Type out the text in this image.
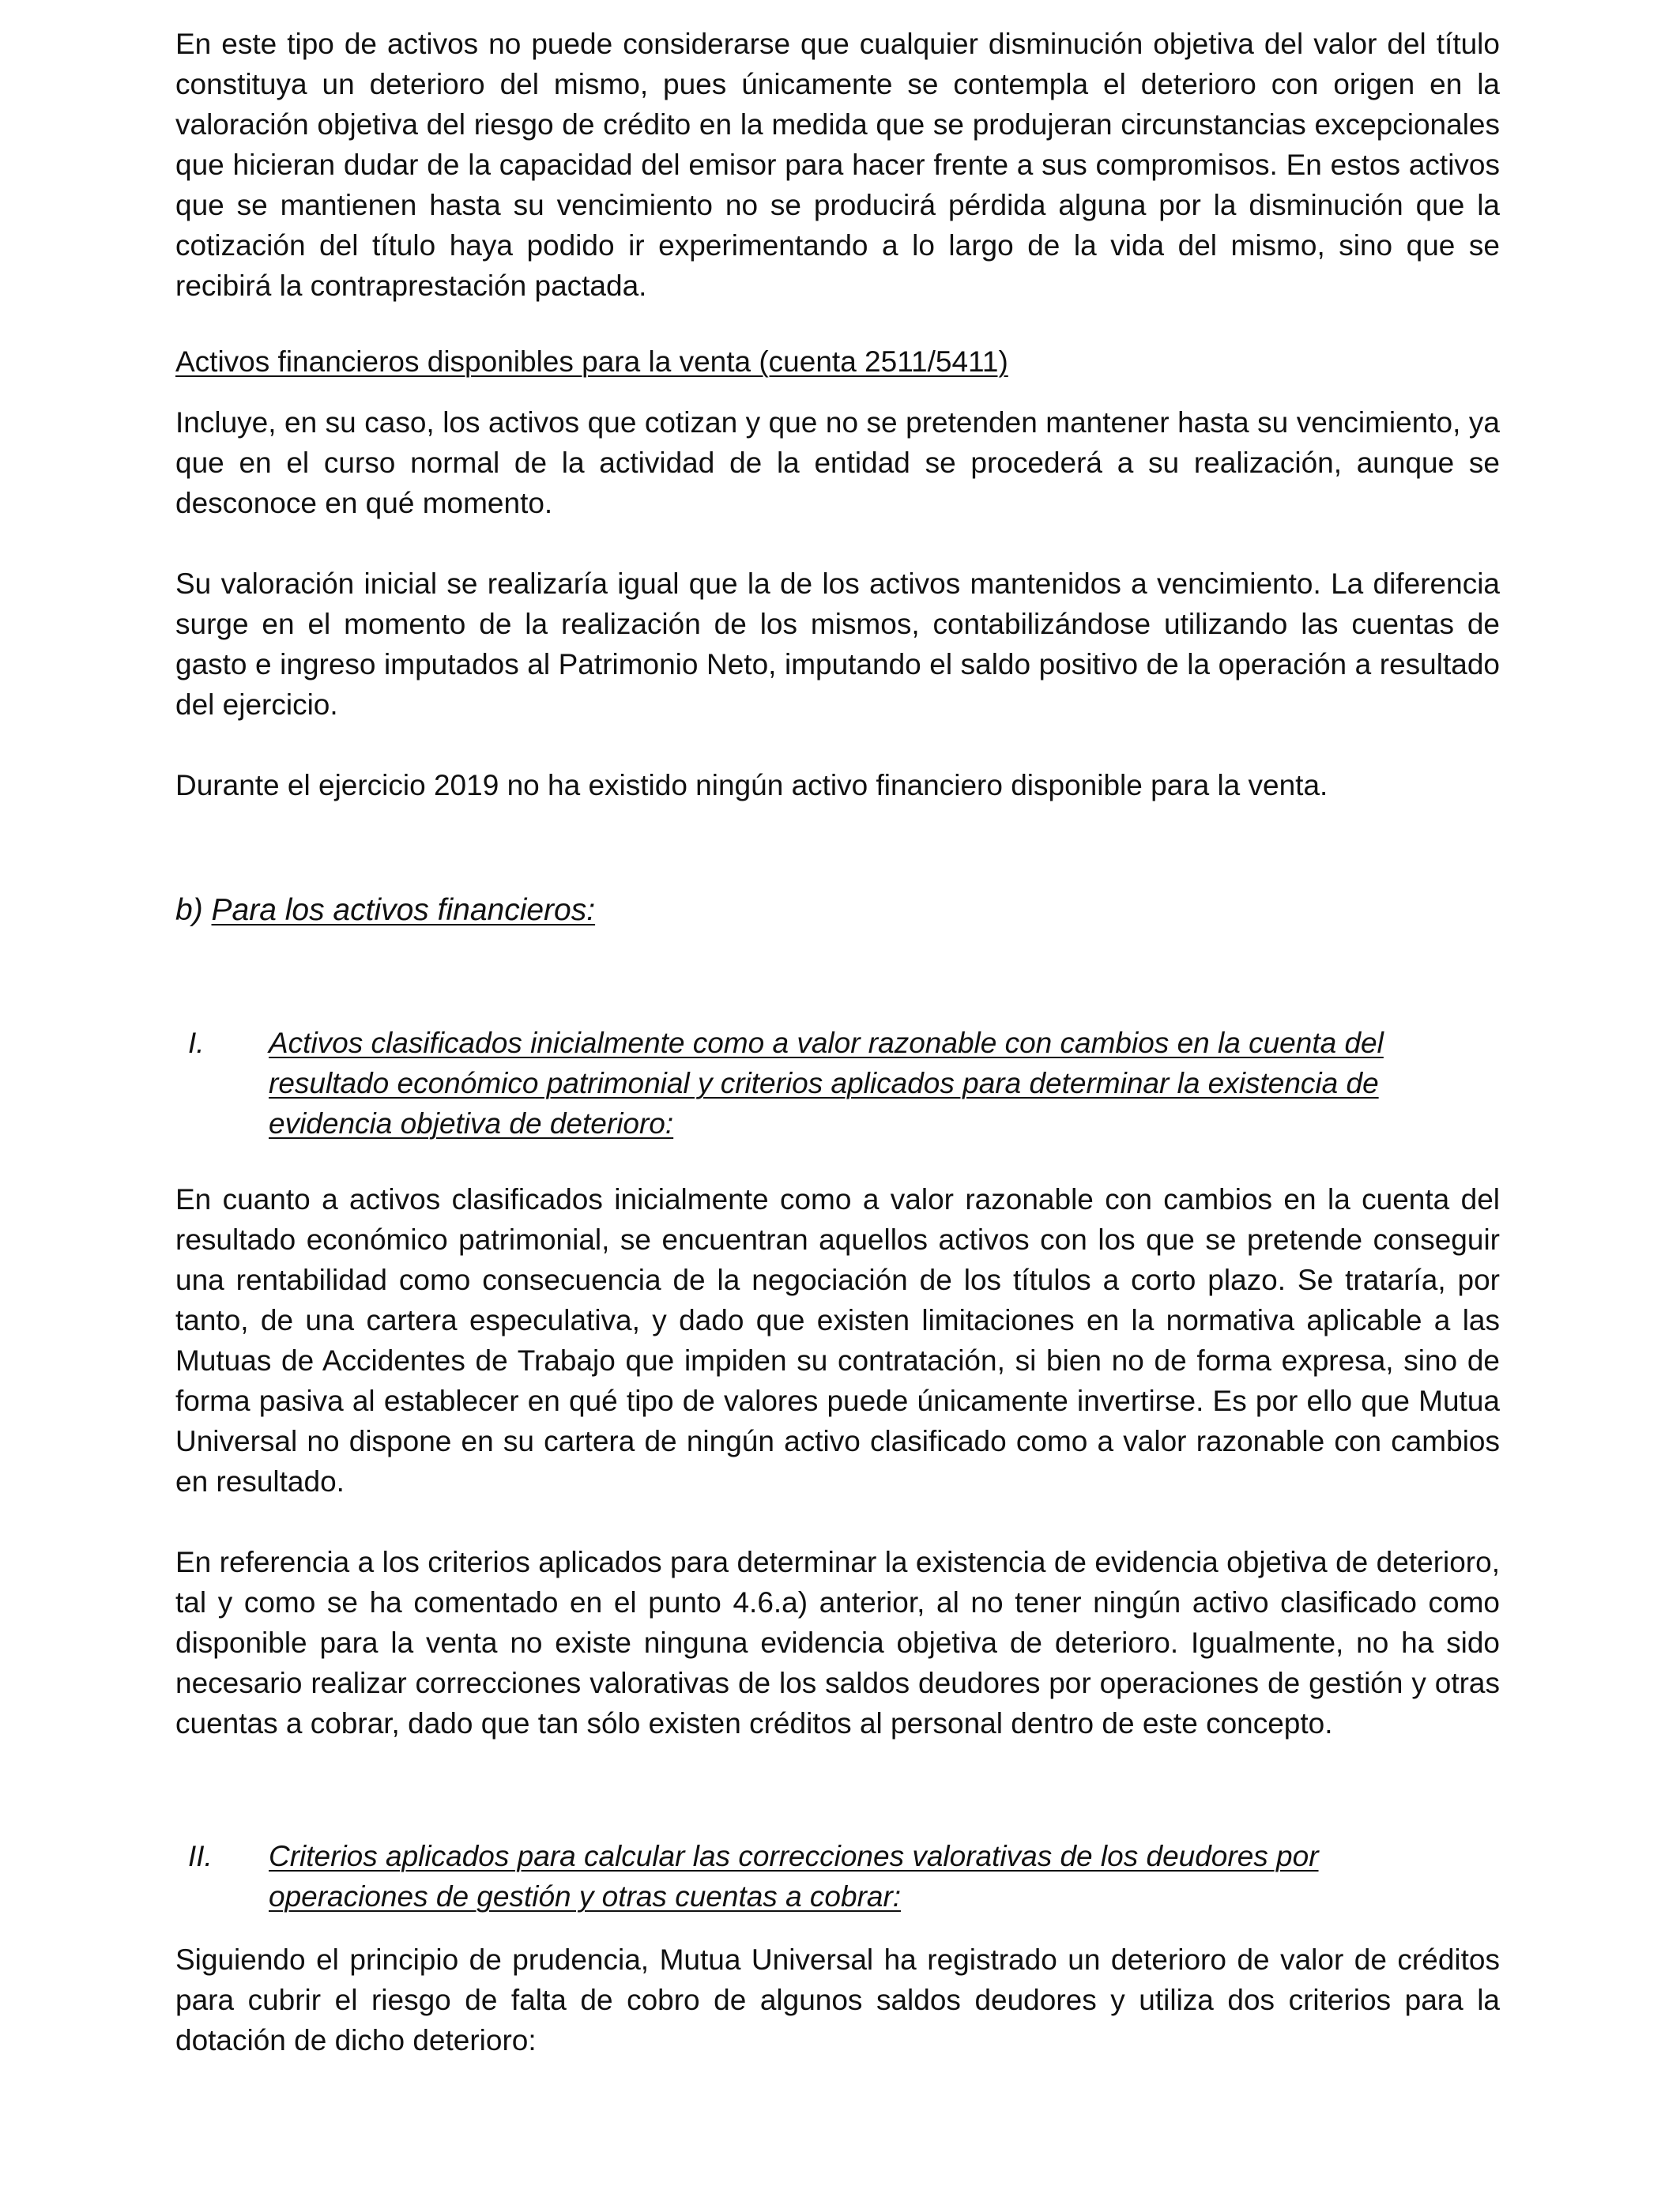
En este tipo de activos no puede considerarse que cualquier disminución objetiva del valor del título constituya un deterioro del mismo, pues únicamente se contempla el deterioro con origen en la valoración objetiva del riesgo de crédito en la medida que se produjeran circunstancias excepcionales que hicieran dudar de la capacidad del emisor para hacer frente a sus compromisos. En estos activos que se mantienen hasta su vencimiento no se producirá pérdida alguna por la disminución que la cotización del título haya podido ir experimentando a lo largo de la vida del mismo, sino que se recibirá la contraprestación pactada.

Activos financieros disponibles para la venta (cuenta 2511/5411)

Incluye, en su caso, los activos que cotizan y que no se pretenden mantener hasta su vencimiento, ya que en el curso normal de la actividad de la entidad se procederá a su realización, aunque se desconoce en qué momento.

Su valoración inicial se realizaría igual que la de los activos mantenidos a vencimiento. La diferencia surge en el momento de la realización de los mismos, contabilizándose utilizando las cuentas de gasto e ingreso imputados al Patrimonio Neto, imputando el saldo positivo de la operación a resultado del ejercicio.

Durante el ejercicio 2019 no ha existido ningún activo financiero disponible para la venta.

b) Para los activos financieros:

I.	Activos clasificados inicialmente como a valor razonable con cambios en la cuenta del resultado económico patrimonial y criterios aplicados para determinar la existencia de evidencia objetiva de deterioro:

En cuanto a activos clasificados inicialmente como a valor razonable con cambios en la cuenta del resultado económico patrimonial, se encuentran aquellos activos con los que se pretende conseguir una rentabilidad como consecuencia de la negociación de los títulos a corto plazo. Se trataría, por tanto, de una cartera especulativa, y dado que existen limitaciones en la normativa aplicable a las Mutuas de Accidentes de Trabajo que impiden su contratación, si bien no de forma expresa, sino de forma pasiva al establecer en qué tipo de valores puede únicamente invertirse. Es por ello que Mutua Universal no dispone en su cartera de ningún activo clasificado como a valor razonable con cambios en resultado.

En referencia a los criterios aplicados para determinar la existencia de evidencia objetiva de deterioro, tal y como se ha comentado en el punto 4.6.a) anterior, al no tener ningún activo clasificado como disponible para la venta no existe ninguna evidencia objetiva de deterioro. Igualmente, no ha sido necesario realizar correcciones valorativas de los saldos deudores por operaciones de gestión y otras cuentas a cobrar, dado que tan sólo existen créditos al personal dentro de este concepto.

II.	Criterios aplicados para calcular las correcciones valorativas de los deudores por operaciones de gestión y otras cuentas a cobrar:

Siguiendo el principio de prudencia, Mutua Universal ha registrado un deterioro de valor de créditos para cubrir el riesgo de falta de cobro de algunos saldos deudores y utiliza dos criterios para la dotación de dicho deterioro:
